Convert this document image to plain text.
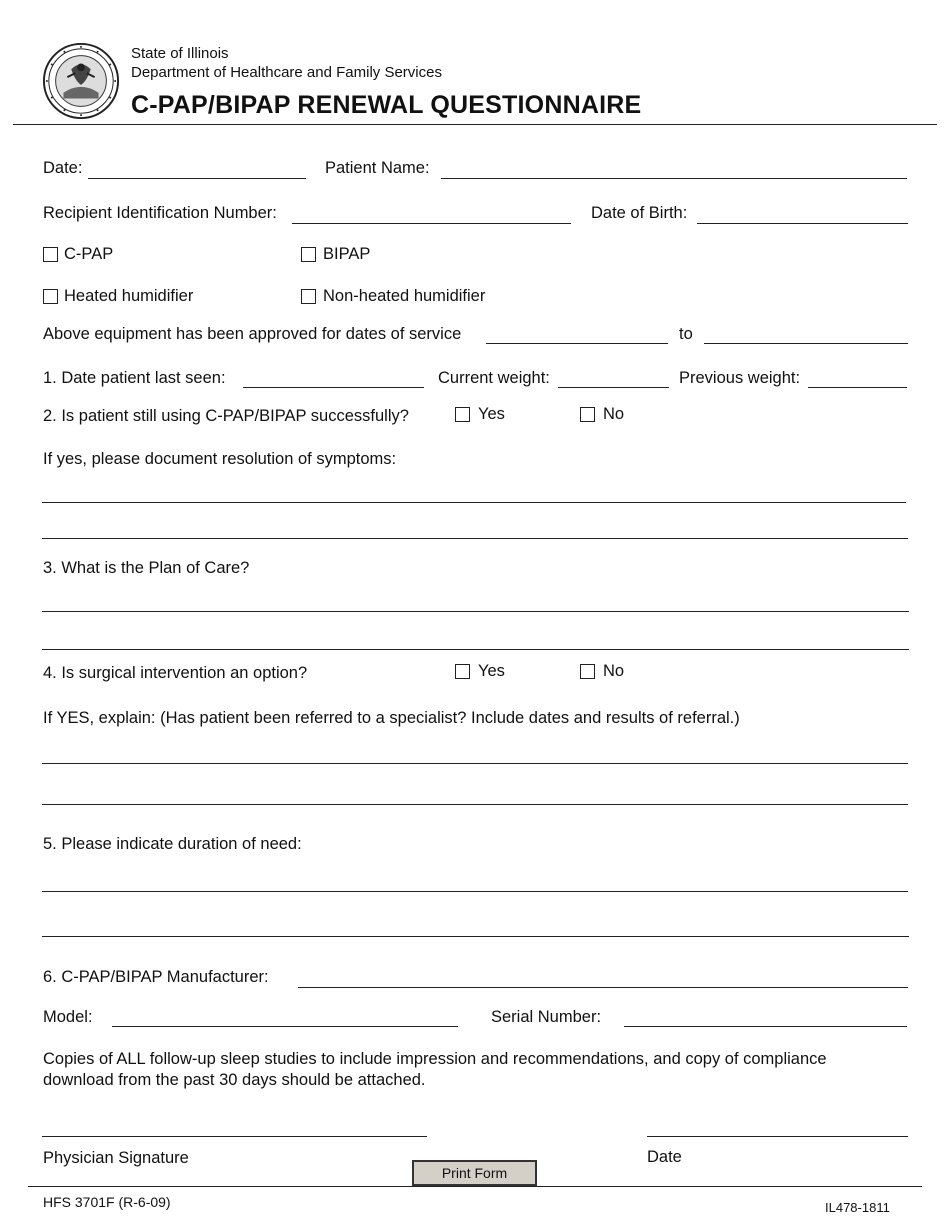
State of Illinois
Department of Healthcare and Family Services
C-PAP/BIPAP RENEWAL QUESTIONNAIRE
Date:	Patient Name:
Recipient Identification Number:	Date of Birth:
C-PAP	BIPAP
Heated humidifier	Non-heated humidifier
Above equipment has been approved for dates of service	to
1. Date patient last seen:	Current weight:	Previous weight:
2. Is patient still using C-PAP/BIPAP successfully?	Yes	No
If yes, please document resolution of symptoms:
3. What is the Plan of Care?
4. Is surgical intervention an option?	Yes	No
If YES, explain: (Has patient been referred to a specialist? Include dates and results of referral.)
5. Please indicate duration of need:
6. C-PAP/BIPAP Manufacturer:
Model:	Serial Number:
Copies of ALL follow-up sleep studies to include impression and recommendations, and copy of compliance
download from the past 30 days should be attached.
Physician Signature	Date
Print Form
HFS 3701F (R-6-09)	IL478-1811
